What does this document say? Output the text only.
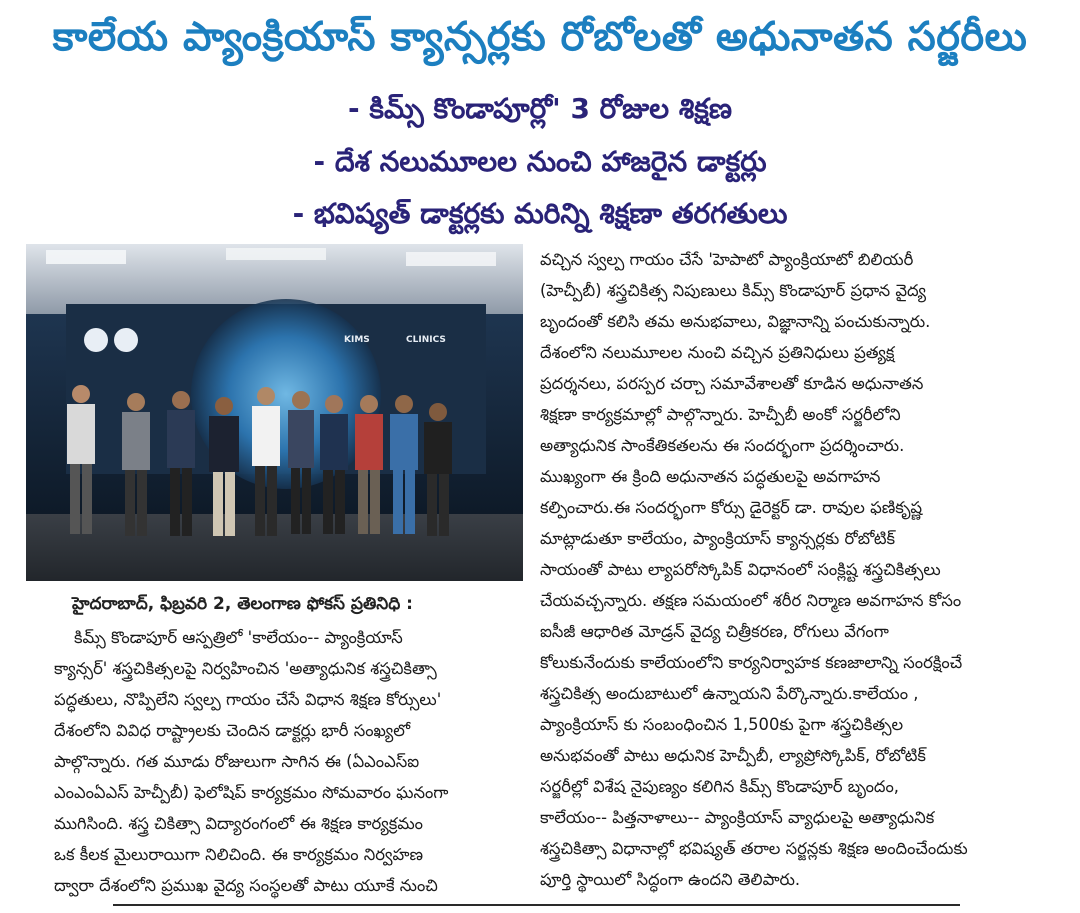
కాలేయ ప్యాంక్రియాస్ క్యాన్సర్లకు రోబోలతో అధునాతన సర్జరీలు
- కిమ్స్ కొండాపూర్లో' 3 రోజుల శిక్షణ
- దేశ నలుమూలల నుంచి హాజరైన డాక్టర్లు
- భవిష్యత్ డాక్టర్లకు మరిన్ని శిక్షణా తరగతులు
KIMS	CLINICS
హైదరాబాద్, ఫిబ్రవరి 2, తెలంగాణ ఫోకస్ ప్రతినిధి :

కిమ్స్ కొండాపూర్ ఆస్పత్రిలో 'కాలేయం-- ప్యాంక్రియాస్

క్యాన్సర్' శస్త్రచికిత్సలపై నిర్వహించిన 'అత్యాధునిక శస్త్రచికిత్సా

పద్ధతులు, నొప్పిలేని స్వల్ప గాయం చేసే విధాన శిక్షణ కోర్సులు'

దేశంలోని వివిధ రాష్ట్రాలకు చెందిన డాక్టర్లు భారీ సంఖ్యలో

పాల్గొన్నారు. గత మూడు రోజులుగా సాగిన ఈ (ఏఎంఎస్ఐ

ఎంఎంఏఎస్ హెచ్పీబీ) ఫెలోషిప్ కార్యక్రమం సోమవారం ఘనంగా

ముగిసింది. శస్త్ర చికిత్సా విద్యారంగంలో ఈ శిక్షణ కార్యక్రమం

ఒక కీలక మైలురాయిగా నిలిచింది. ఈ కార్యక్రమం నిర్వహణ

ద్వారా దేశంలోని ప్రముఖ వైద్య సంస్థలతో పాటు యూకే నుంచి

వచ్చిన స్వల్ప గాయం చేసే 'హెపాటో ప్యాంక్రియాటో బిలియరీ

(హెచ్పీబీ) శస్త్రచికిత్స నిపుణులు కిమ్స్ కొండాపూర్ ప్రధాన వైద్య

బృందంతో కలిసి తమ అనుభవాలు, విజ్ఞానాన్ని పంచుకున్నారు.

దేశంలోని నలుమూలల నుంచి వచ్చిన ప్రతినిధులు ప్రత్యక్ష

ప్రదర్శనలు, పరస్పర చర్చా సమావేశాలతో కూడిన అధునాతన

శిక్షణా కార్యక్రమాల్లో పాల్గొన్నారు. హెచ్పీబీ అంకో సర్జరీలోని

అత్యాధునిక సాంకేతికతలను ఈ సందర్భంగా ప్రదర్శించారు.

ముఖ్యంగా ఈ క్రింది అధునాతన పద్ధతులపై అవగాహన

కల్పించారు.ఈ సందర్భంగా కోర్సు డైరెక్టర్ డా. రావుల ఫణికృష్ణ

మాట్లాడుతూ కాలేయం, ప్యాంక్రియాస్ క్యాన్సర్లకు రోబోటిక్

సాయంతో పాటు ల్యాపరోస్కోపిక్ విధానంలో సంక్లిష్ట శస్త్రచికిత్సలు

చేయవచ్చన్నారు. తక్షణ సమయంలో శరీర నిర్మాణ అవగాహన కోసం

ఐసీజీ ఆధారిత మోడ్రన్ వైద్య చిత్రీకరణ, రోగులు వేగంగా

కోలుకునేందుకు కాలేయంలోని కార్యనిర్వాహక కణజాలాన్ని సంరక్షించే

శస్త్రచికిత్స అందుబాటులో ఉన్నాయని పేర్కొన్నారు.కాలేయం ,

ప్యాంక్రియాస్ కు సంబంధించిన 1,500కు పైగా శస్త్రచికిత్సల

అనుభవంతో పాటు అధునిక హెచ్పీబీ, ల్యాప్రోస్కోపిక్, రోబోటిక్

సర్జరీల్లో విశేష నైపుణ్యం కలిగిన కిమ్స్ కొండాపూర్ బృందం,

కాలేయం-- పిత్తనాళాలు-- ప్యాంక్రియాస్ వ్యాధులపై అత్యాధునిక

శస్త్రచికిత్సా విధానాల్లో భవిష్యత్ తరాల సర్జన్లకు శిక్షణ అందించేందుకు

పూర్తి స్థాయిలో సిద్ధంగా ఉందని తెలిపారు.
